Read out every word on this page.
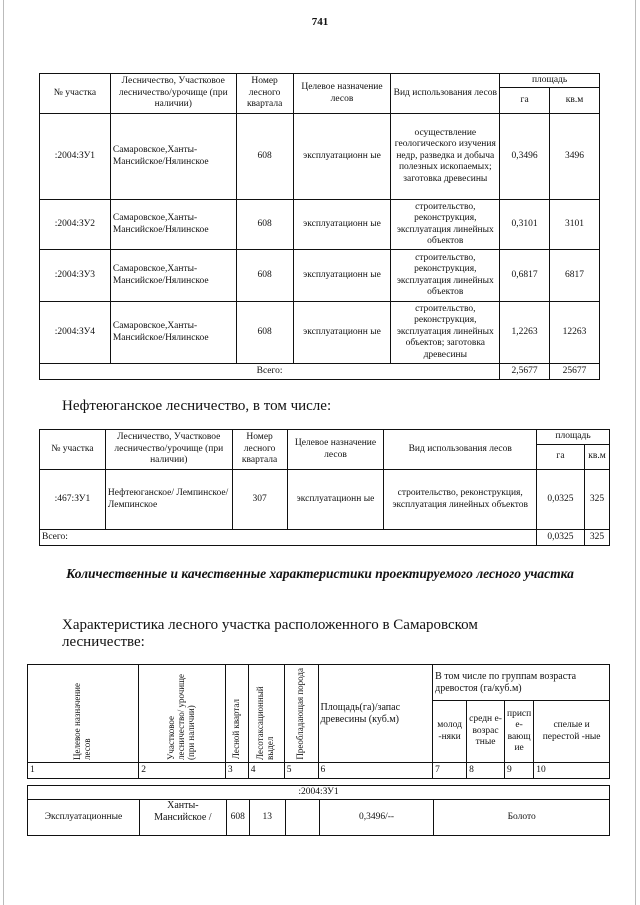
741
№ участка	Лесничество, Участковое лесничество/урочище (при наличии)	Номер лесного квартала	Целевое назначение лесов	Вид использования лесов	площадь	
					га	кв.м
:2004:ЗУ1	Самаровское,Ханты-Мансийское/Нялинское	608	эксплуатационн ые	осуществление геологического изучения недр, разведка и добыча полезных ископаемых; заготовка древесины	0,3496	3496
:2004:ЗУ2	Самаровское,Ханты-Мансийское/Нялинское	608	эксплуатационн ые	строительство, реконструкция, эксплуатация линейных объектов	0,3101	3101
:2004:ЗУ3	Самаровское,Ханты-Мансийское/Нялинское	608	эксплуатационн ые	строительство, реконструкция, эксплуатация линейных объектов	0,6817	6817
:2004:ЗУ4	Самаровское,Ханты-Мансийское/Нялинское	608	эксплуатационн ые	строительство, реконструкция, эксплуатация линейных объектов; заготовка древесины	1,2263	12263
Всего:					2,5677	25677
Нефтеюганское лесничество, в том числе:
№ участка	Лесничество, Участковое лесничество/урочище (при наличии)	Номер лесного квартала	Целевое назначение лесов	Вид использования лесов	площадь	
					га	кв.м
:467:ЗУ1	Нефтеюганское/ Лемпинское/ Лемпинское	307	эксплуатационн ые	строительство, реконструкция, эксплуатация линейных объектов	0,0325	325
Всего:					0,0325	325
Количественные и качественные характеристики проектируемого лесного участка
Характеристика лесного участка расположенного в Самаровском лесничестве:
Целевое назначение лесов	Участковое лесничество/ урочище (при наличии)	Лесной квартал	Лесотаксационный выдел	Преобладающая порода	Площадь(га)/запас древесины (куб.м)	В том числе по группам возраста древостоя (га/куб.м)			
						молод -няки	средн е-возрас тные	присп е-вающ ие	спелые и перестой -ные
1	2	3	4	5	6	7	8	9	10
:2004:ЗУ1
Эксплуатационные	Ханты-Мансийское /	608	13		0,3496/--	Болото
